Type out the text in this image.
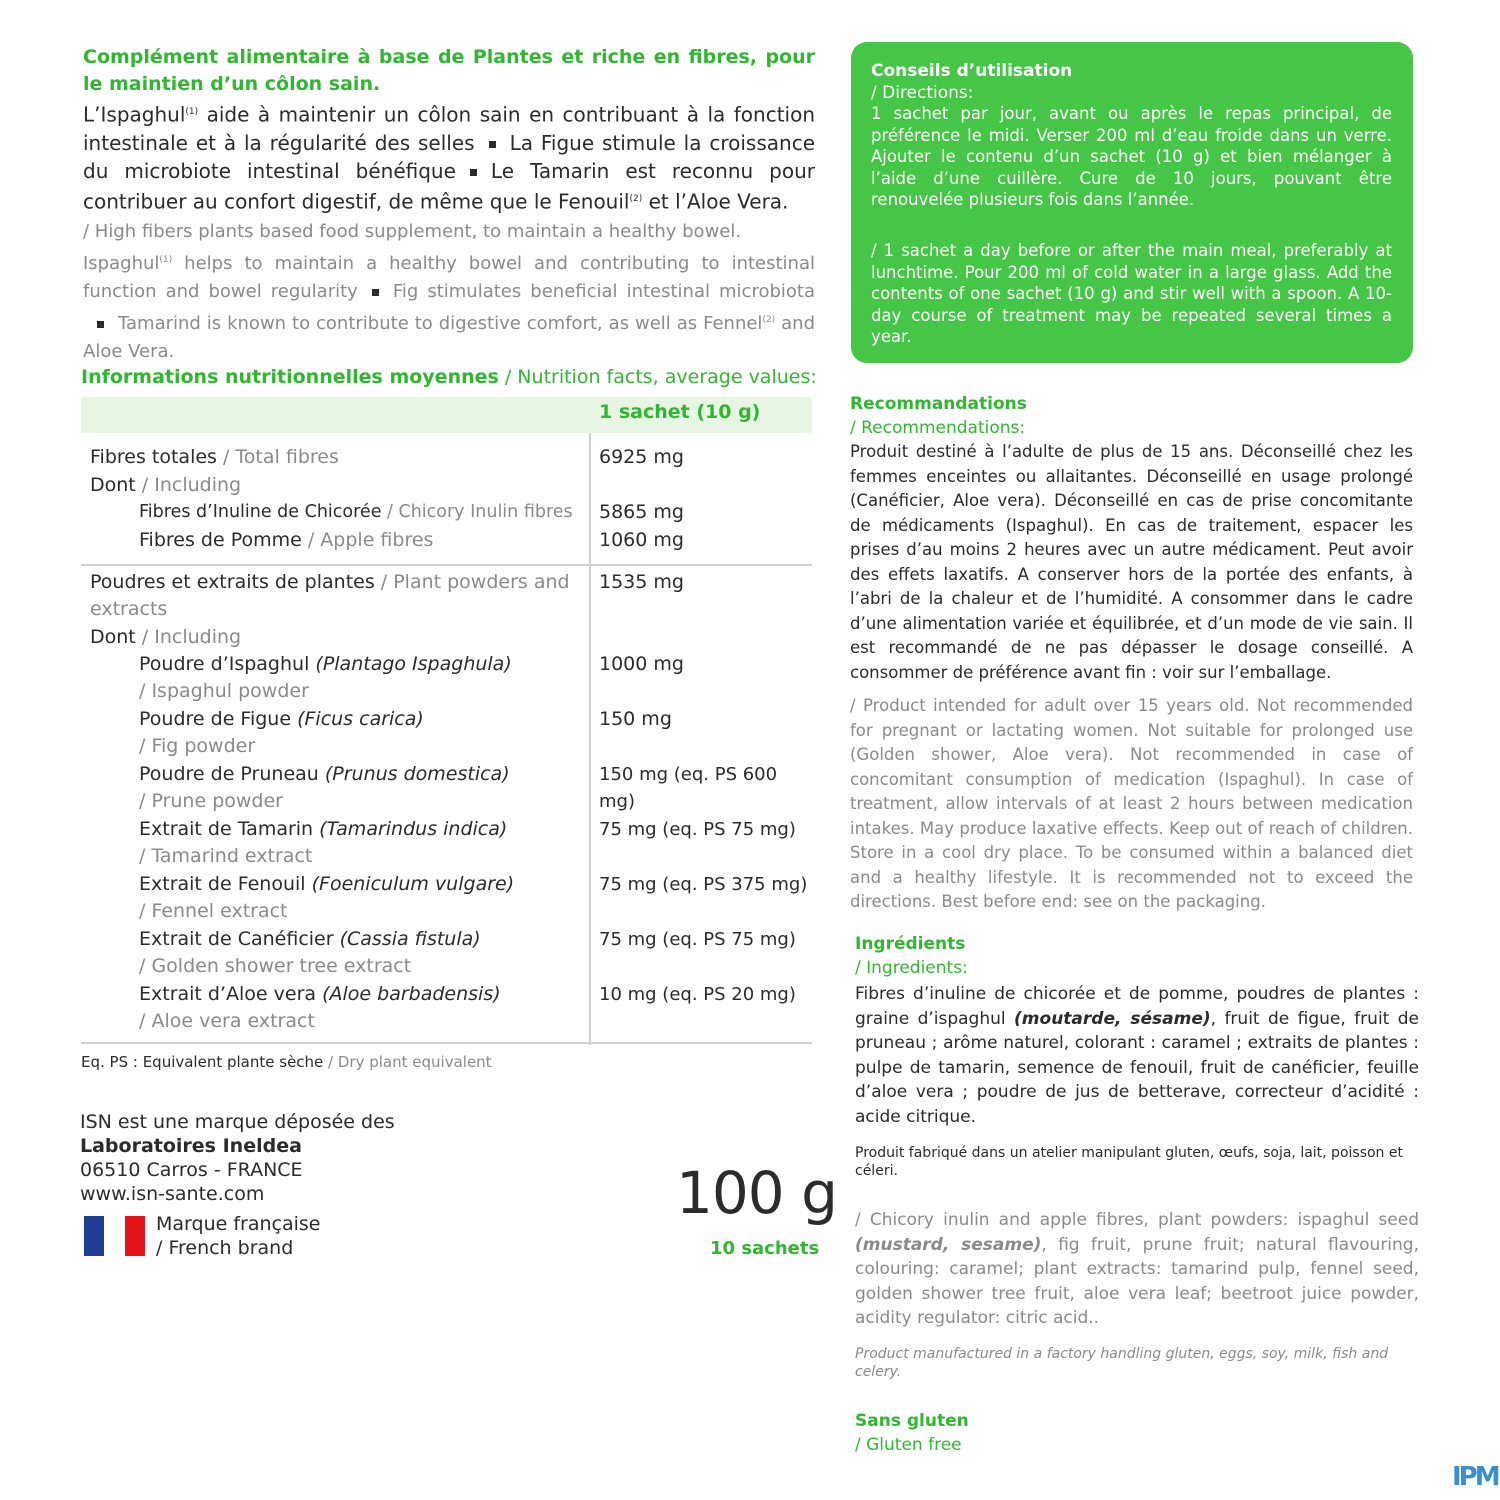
Complément alimentaire à base de Plantes et riche en fibres, pour le maintien d’un côlon sain.
L’Ispaghul$^{(1)}$ aide à maintenir un côlon sain en contribuant à la fonction intestinale et à la régularité des selles La Figue stimule la croissance du microbiote intestinal bénéfique Le Tamarin est reconnu pour contribuer au confort digestif, de même que le Fenouil$^{(2)}$ et l’Aloe Vera.
/ High fibers plants based food supplement, to maintain a healthy bowel.
Ispaghul$^{(1)}$ helps to maintain a healthy bowel and contributing to intestinal function and bowel regularity Fig stimulates beneficial intestinal microbiotaTamarind is known to contribute to digestive comfort, as well as Fennel$^{(2)}$ and Aloe Vera.
Informations nutritionnelles moyennes / Nutrition facts, average values:
1 sachet (10 g)
Fibres totales / Total fibres	6925 mg
Dont / Including
Fibres d’Inuline de Chicorée / Chicory Inulin fibres 5865 mg
Fibres de Pomme / Apple fibres	1060 mg
Poudres et extraits de plantes / Plant powders and extracts
1535 mg
Dont / Including
Poudre d’Ispaghul (Plantago Ispaghula)
/ Ispaghul powder
1000 mg
Poudre de Figue (Ficus carica)
/ Fig powder
150 mg
Poudre de Pruneau (Prunus domestica)
/ Prune powder
150 mg (eq. PS 600 mg)
Extrait de Tamarin (Tamarindus indica)
/ Tamarind extract
75 mg (eq. PS 75 mg)
Extrait de Fenouil (Foeniculum vulgare)
/ Fennel extract
75 mg (eq. PS 375 mg)
Extrait de Canéficier (Cassia fistula)
/ Golden shower tree extract
75 mg (eq. PS 75 mg)
Extrait d’Aloe vera (Aloe barbadensis)
/ Aloe vera extract
10 mg (eq. PS 20 mg)
Eq. PS : Equivalent plante sèche / Dry plant equivalent
ISN est une marque déposée des
Laboratoires Ineldea
06510 Carros - FRANCE
www.isn-sante.com
Marque française
/ French brand
100 g
10 sachets
Conseils d’utilisation
/ Directions:
1 sachet par jour, avant ou après le repas principal, de préférence le midi. Verser 200 ml d’eau froide dans un verre. Ajouter le contenu d’un sachet (10 g) et bien mélanger à l’aide d’une cuillère. Cure de 10 jours, pouvant être renouvelée plusieurs fois dans l’année.
/ 1 sachet a day before or after the main meal, preferably at lunchtime. Pour 200 ml of cold water in a large glass. Add the contents of one sachet (10 g) and stir well with a spoon. A 10-day course of treatment may be repeated several times a year.
Recommandations
/ Recommendations:
Produit destiné à l’adulte de plus de 15 ans. Déconseillé chez les femmes enceintes ou allaitantes. Déconseillé en usage prolongé (Canéficier, Aloe vera). Déconseillé en cas de prise concomitante de médicaments (Ispaghul). En cas de traitement, espacer les prises d’au moins 2 heures avec un autre médicament. Peut avoir des effets laxatifs. A conserver hors de la portée des enfants, à l’abri de la chaleur et de l’humidité. A consommer dans le cadre d’une alimentation variée et équilibrée, et d’un mode de vie sain. Il est recommandé de ne pas dépasser le dosage conseillé. A consommer de préférence avant fin : voir sur l’emballage.
/ Product intended for adult over 15 years old. Not recommended for pregnant or lactating women. Not suitable for prolonged use (Golden shower, Aloe vera). Not recommended in case of concomitant consumption of medication (Ispaghul). In case of treatment, allow intervals of at least 2 hours between medication intakes. May produce laxative effects. Keep out of reach of children. Store in a cool dry place. To be consumed within a balanced diet and a healthy lifestyle. It is recommended not to exceed the directions. Best before end: see on the packaging.
Ingrédients
/ Ingredients:
Fibres d’inuline de chicorée et de pomme, poudres de plantes : graine d’ispaghul (moutarde, sésame), fruit de figue, fruit de pruneau ; arôme naturel, colorant : caramel ; extraits de plantes : pulpe de tamarin, semence de fenouil, fruit de canéficier, feuille d’aloe vera ; poudre de jus de betterave, correcteur d’acidité : acide citrique.
Produit fabriqué dans un atelier manipulant gluten, œufs, soja, lait, poisson et céleri.
/ Chicory inulin and apple fibres, plant powders: ispaghul seed (mustard, sesame), fig fruit, prune fruit; natural flavouring, colouring: caramel; plant extracts: tamarind pulp, fennel seed, golden shower tree fruit, aloe vera leaf; beetroot juice powder, acidity regulator: citric acid..
Product manufactured in a factory handling gluten, eggs, soy, milk, fish and celery.
Sans gluten
/ Gluten free
IPM
